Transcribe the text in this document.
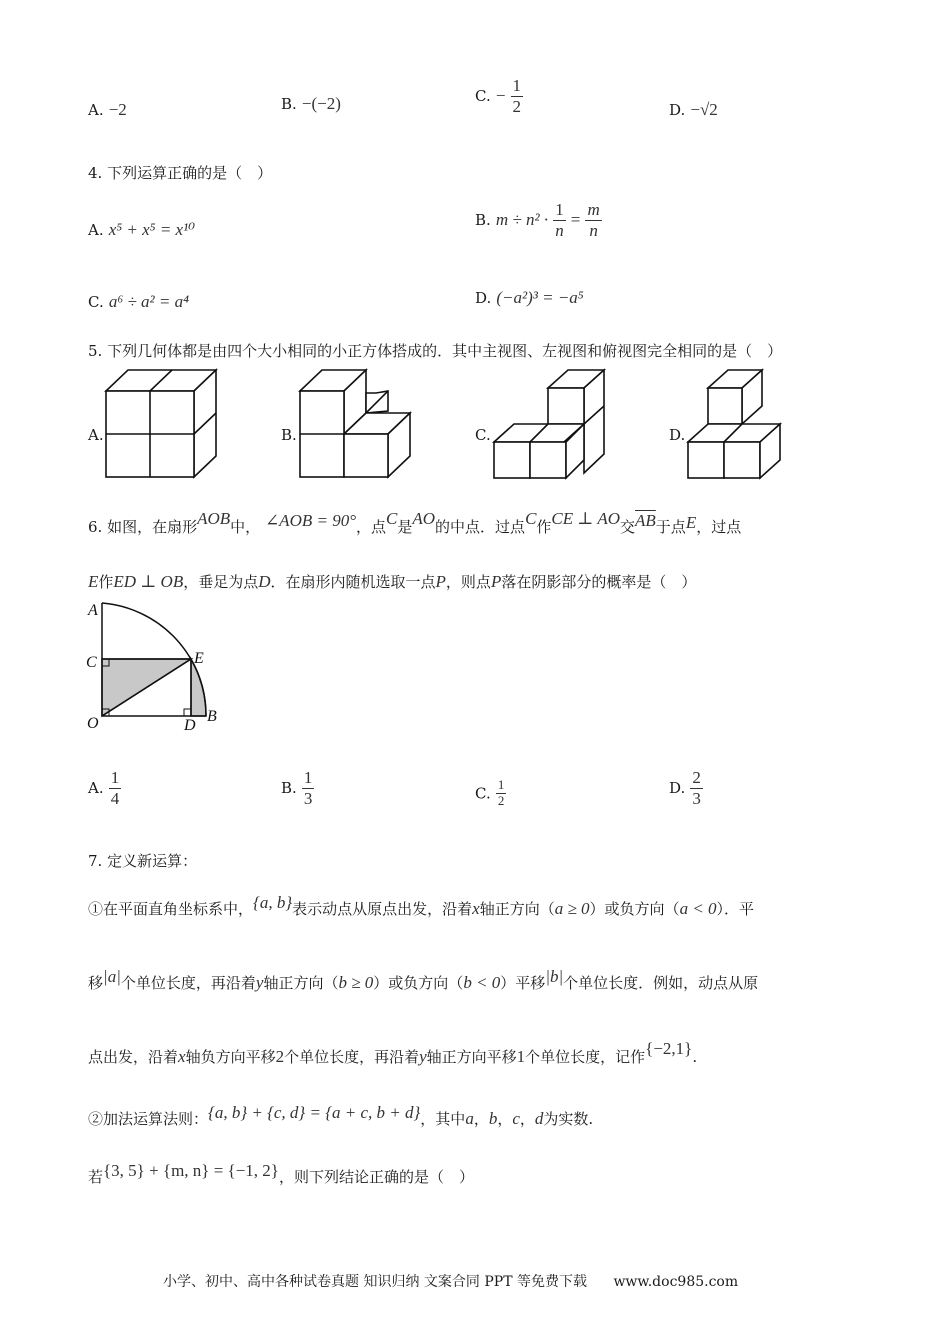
A. −2	B. −(−2)	C. − $\frac{1}{2}$	D. −√2
4. 下列运算正确的是（　）
A. x⁵ + x⁵ = x¹⁰	B. $m \div n^2 \cdot \frac{1}{n} = \frac{m}{n}$
C. a⁶ ÷ a² = a⁴	D. (−a²)³ = −a⁵
5. 下列几何体都是由四个大小相同的小正方体搭成的．其中主视图、左视图和俯视图完全相同的是（　）
A.	B.	C.	D.
6. 如图，在扇形AOB中， ∠AOB = 90°，点C是AO的中点．过点C作CE ⊥ AO交$\overline{AB}$于点E，过点
E作ED ⊥ OB，垂足为点D．在扇形内随机选取一点P，则点P落在阴影部分的概率是（　）
A
C	E
O	D
B
A. $\frac{1}{4}$	B. $\frac{1}{3}$	C. $\frac{1}{2}$	D. $\frac{2}{3}$
7. 定义新运算：
①在平面直角坐标系中，{a, b}表示动点从原点出发，沿着x轴正方向（a ≥ 0）或负方向（a < 0）．平
移|a|个单位长度，再沿着y轴正方向（b ≥ 0）或负方向（b < 0）平移|b|个单位长度．例如，动点从原
点出发，沿着x轴负方向平移2个单位长度，再沿着y轴正方向平移1个单位长度，记作{−2,1}.
②加法运算法则：{a, b} + {c, d} = {a + c, b + d}，其中a，b，c，d为实数.
若{3, 5} + {m, n} = {−1, 2}，则下列结论正确的是（　）
小学、初中、高中各种试卷真题 知识归纳 文案合同 PPT 等免费下载 www.doc985.com
